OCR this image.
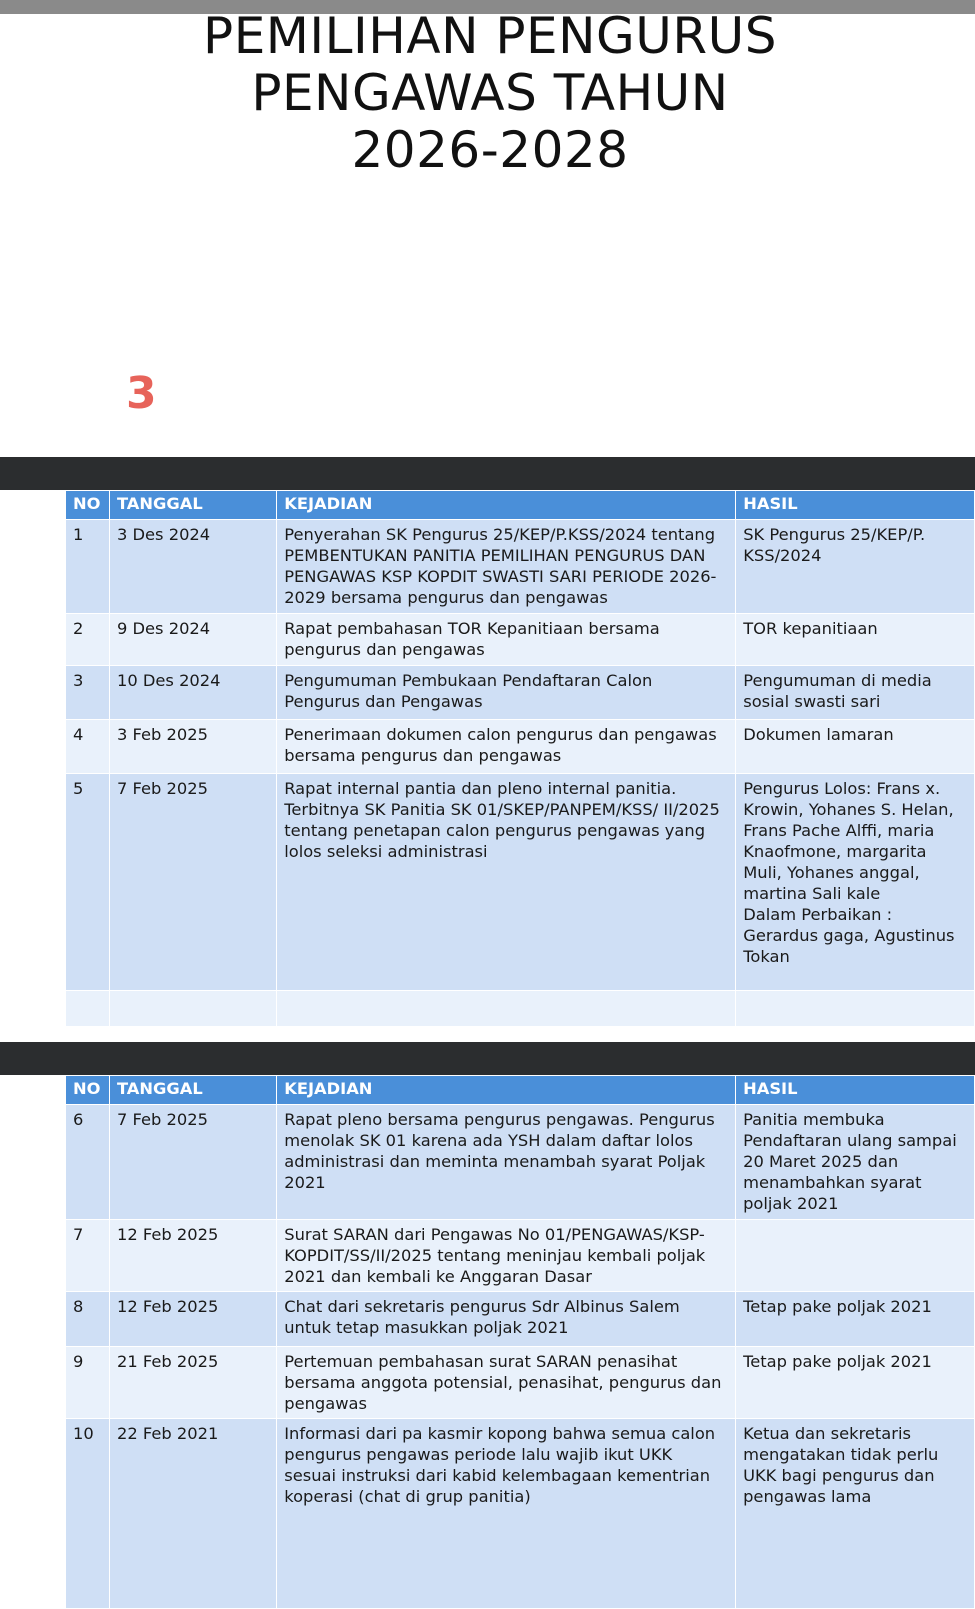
PEMILIHAN PENGURUS
PENGAWAS TAHUN
2026-2028
3
NO	TANGGAL	KEJADIAN	HASIL
1	3 Des 2024	Penyerahan SK Pengurus 25/KEP/P.KSS/2024 tentang PEMBENTUKAN PANITIA PEMILIHAN PENGURUS DAN PENGAWAS KSP KOPDIT SWASTI SARI PERIODE 2026-2029 bersama pengurus dan pengawas	SK Pengurus 25/KEP/P.
KSS/2024
2	9 Des 2024	Rapat pembahasan TOR Kepanitiaan bersama pengurus dan pengawas	TOR kepanitiaan
3	10 Des 2024	Pengumuman Pembukaan Pendaftaran Calon Pengurus dan Pengawas	Pengumuman di media sosial swasti sari
4	3 Feb 2025	Penerimaan dokumen calon pengurus dan pengawas bersama pengurus dan pengawas	Dokumen lamaran
5	7 Feb 2025	Rapat internal pantia dan pleno internal panitia.
Terbitnya SK Panitia SK 01/SKEP/PANPEM/KSS/ II/2025 tentang penetapan calon pengurus pengawas yang lolos seleksi administrasi	Pengurus Lolos: Frans x. Krowin, Yohanes S. Helan, Frans Pache Alffi, maria Knaofmone, margarita Muli, Yohanes anggal, martina Sali kale
Dalam Perbaikan :
Gerardus gaga, Agustinus Tokan

NO	TANGGAL	KEJADIAN	HASIL
6	7 Feb 2025	Rapat pleno bersama pengurus pengawas. Pengurus menolak SK 01 karena ada YSH dalam daftar lolos administrasi dan meminta menambah syarat Poljak 2021	Panitia membuka Pendaftaran ulang sampai 20 Maret 2025 dan menambahkan syarat poljak 2021
7	12 Feb 2025	Surat SARAN dari Pengawas No 01/PENGAWAS/KSP-KOPDIT/SS/II/2025 tentang meninjau kembali poljak 2021 dan kembali ke Anggaran Dasar	
8	12 Feb 2025	Chat dari sekretaris pengurus Sdr Albinus Salem untuk tetap masukkan poljak 2021	Tetap pake poljak 2021
9	21 Feb 2025	Pertemuan pembahasan surat SARAN penasihat bersama anggota potensial, penasihat, pengurus dan pengawas	Tetap pake poljak 2021
10	22 Feb 2021	Informasi dari pa kasmir kopong bahwa semua calon pengurus pengawas periode lalu wajib ikut UKK sesuai instruksi dari kabid kelembagaan kementrian koperasi (chat di grup panitia)	Ketua dan sekretaris mengatakan tidak perlu UKK bagi pengurus dan pengawas lama
